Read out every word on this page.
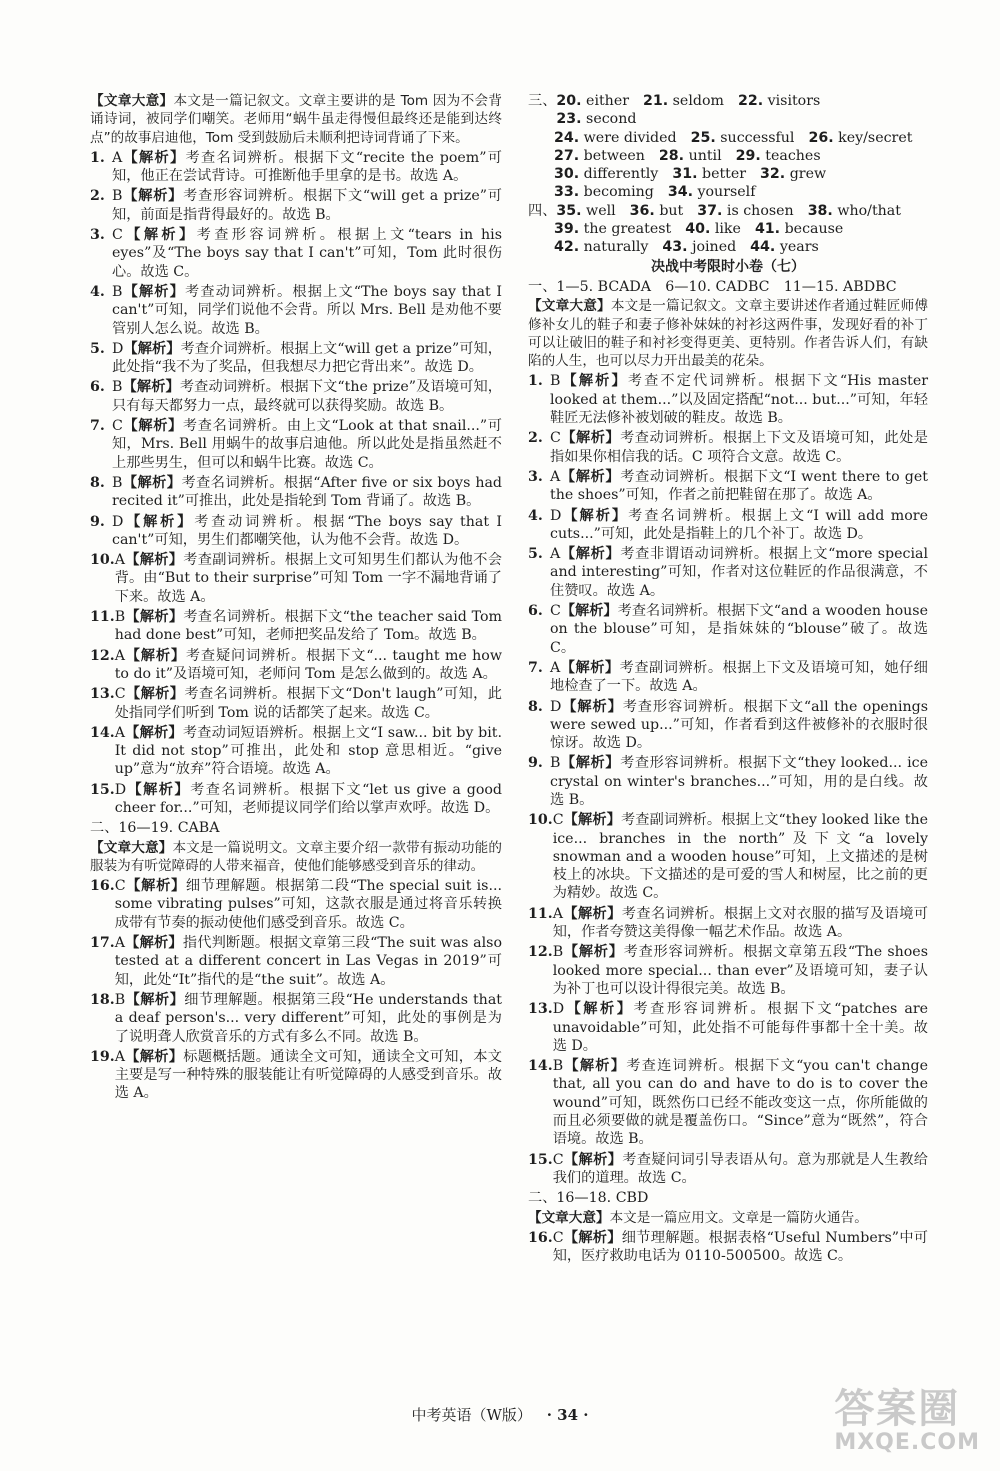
【文章大意】本文是一篇记叙文。文章主要讲的是 Tom 因为不会背诵诗词，被同学们嘲笑。老师用“蜗牛虽走得慢但最终还是能到达终点”的故事启迪他，Tom 受到鼓励后未顺利把诗词背诵了下来。
1. A【解析】考查名词辨析。根据下文“recite the poem”可知，他正在尝试背诗。可推断他手里拿的是书。故选 A。
2. B【解析】考查形容词辨析。根据下文“will get a prize”可知，前面是指背得最好的。故选 B。
3. C【解析】考查形容词辨析。根据上文“tears in his eyes”及“The boys say that I can't”可知，Tom 此时很伤心。故选 C。
4. B【解析】考查动词辨析。根据上文“The boys say that I can't”可知，同学们说他不会背。所以 Mrs. Bell 是劝他不要管别人怎么说。故选 B。
5. D【解析】考查介词辨析。根据上文“will get a prize”可知，此处指“我不为了奖品，但我想尽力把它背出来”。故选 D。
6. B【解析】考查动词辨析。根据下文“the prize”及语境可知，只有每天都努力一点，最终就可以获得奖励。故选 B。
7. C【解析】考查名词辨析。由上文“Look at that snail...”可知，Mrs. Bell 用蜗牛的故事启迪他。所以此处是指虽然赶不上那些男生，但可以和蜗牛比赛。故选 C。
8. B【解析】考查名词辨析。根据“After five or six boys had recited it”可推出，此处是指轮到 Tom 背诵了。故选 B。
9. D【解析】考查动词辨析。根据“The boys say that I can't”可知，男生们都嘲笑他，认为他不会背。故选 D。
10. A【解析】考查副词辨析。根据上文可知男生们都认为他不会背。由“But to their surprise”可知 Tom 一字不漏地背诵了下来。故选 A。
11. B【解析】考查名词辨析。根据下文“the teacher said Tom had done best”可知，老师把奖品发给了 Tom。故选 B。
12. A【解析】考查疑问词辨析。根据下文“... taught me how to do it”及语境可知，老师问 Tom 是怎么做到的。故选 A。
13. C【解析】考查名词辨析。根据下文“Don't laugh”可知，此处指同学们听到 Tom 说的话都笑了起来。故选 C。
14. A【解析】考查动词短语辨析。根据上文“I saw... bit by bit. It did not stop”可推出，此处和 stop 意思相近。“give up”意为“放弃”符合语境。故选 A。
15. D【解析】考查名词辨析。根据下文“let us give a good cheer for...”可知，老师提议同学们给以掌声欢呼。故选 D。
二、16—19. CABA
【文章大意】本文是一篇说明文。文章主要介绍一款带有振动功能的服装为有听觉障碍的人带来福音，使他们能够感受到音乐的律动。
16. C【解析】细节理解题。根据第二段“The special suit is... some vibrating pulses”可知，这款衣服是通过将音乐转换成带有节奏的振动使他们感受到音乐。故选 C。
17. A【解析】指代判断题。根据文章第三段“The suit was also tested at a different concert in Las Vegas in 2019”可知，此处“It”指代的是“the suit”。故选 A。
18. B【解析】细节理解题。根据第三段“He understands that a deaf person's... very different”可知，此处的事例是为了说明聋人欣赏音乐的方式有多么不同。故选 B。
19. A【解析】标题概括题。通读全文可知，通读全文可知，本文主要是写一种特殊的服装能让有听觉障碍的人感受到音乐。故选 A。
三、 20. either 21. seldom 22. visitors
23. second
24. were divided 25. successful 26. key/secret
27. between 28. until 29. teaches
30. differently 31. better 32. grew
33. becoming 34. yourself
四、 35. well 36. but 37. is chosen 38. who/that
39. the greatest 40. like 41. because
42. naturally 43. joined 44. years
决战中考限时小卷（七）
一、1—5. BCADA　6—10. CADBC　11—15. ABDBC
【文章大意】本文是一篇记叙文。文章主要讲述作者通过鞋匠师傅修补女儿的鞋子和妻子修补妹妹的衬衫这两件事，发现好看的补丁可以让破旧的鞋子和衬衫变得更美、更特别。作者告诉人们，有缺陷的人生，也可以尽力开出最美的花朵。
1. B【解析】考查不定代词辨析。根据下文“His master looked at them...”以及固定搭配“not... but...”可知，年轻鞋匠无法修补被划破的鞋皮。故选 B。
2. C【解析】考查动词辨析。根据上下文及语境可知，此处是指如果你相信我的话。C 项符合文意。故选 C。
3. A【解析】考查动词辨析。根据下文“I went there to get the shoes”可知，作者之前把鞋留在那了。故选 A。
4. D【解析】考查名词辨析。根据上文“I will add more cuts...”可知，此处是指鞋上的几个补丁。故选 D。
5. A【解析】考查非谓语动词辨析。根据上文“more special and interesting”可知，作者对这位鞋匠的作品很满意，不住赞叹。故选 A。
6. C【解析】考查名词辨析。根据下文“and a wooden house on the blouse”可知，是指妹妹的“blouse”破了。故选 C。
7. A【解析】考查副词辨析。根据上下文及语境可知，她仔细地检查了一下。故选 A。
8. D【解析】考查形容词辨析。根据下文“all the openings were sewed up...”可知，作者看到这件被修补的衣服时很惊讶。故选 D。
9. B【解析】考查形容词辨析。根据下文“they looked... ice crystal on winter's branches...”可知，用的是白线。故选 B。
10. C【解析】考查副词辨析。根据上文“they looked like the ice... branches in the north”及下文“a lovely snowman and a wooden house”可知，上文描述的是树枝上的冰块。下文描述的是可爱的雪人和树屋，比之前的更为精妙。故选 C。
11. A【解析】考查名词辨析。根据上文对衣服的描写及语境可知，作者夸赞这美得像一幅艺术作品。故选 A。
12. B【解析】考查形容词辨析。根据文章第五段“The shoes looked more special... than ever”及语境可知，妻子认为补丁也可以设计得很完美。故选 B。
13. D【解析】考查形容词辨析。根据下文“patches are unavoidable”可知，此处指不可能每件事都十全十美。故选 D。
14. B【解析】考查连词辨析。根据下文“you can't change that, all you can do and have to do is to cover the wound”可知，既然伤口已经不能改变这一点，你所能做的而且必须要做的就是覆盖伤口。“Since”意为“既然”，符合语境。故选 B。
15. C【解析】考查疑问词引导表语从句。意为那就是人生教给我们的道理。故选 C。
二、16—18. CBD
【文章大意】本文是一篇应用文。文章是一篇防火通告。
16. C【解析】细节理解题。根据表格“Useful Numbers”中可知，医疗救助电话为 0110-500500。故选 C。
中考英语（W版） · 34 ·	答案圈
MXQE.COM
